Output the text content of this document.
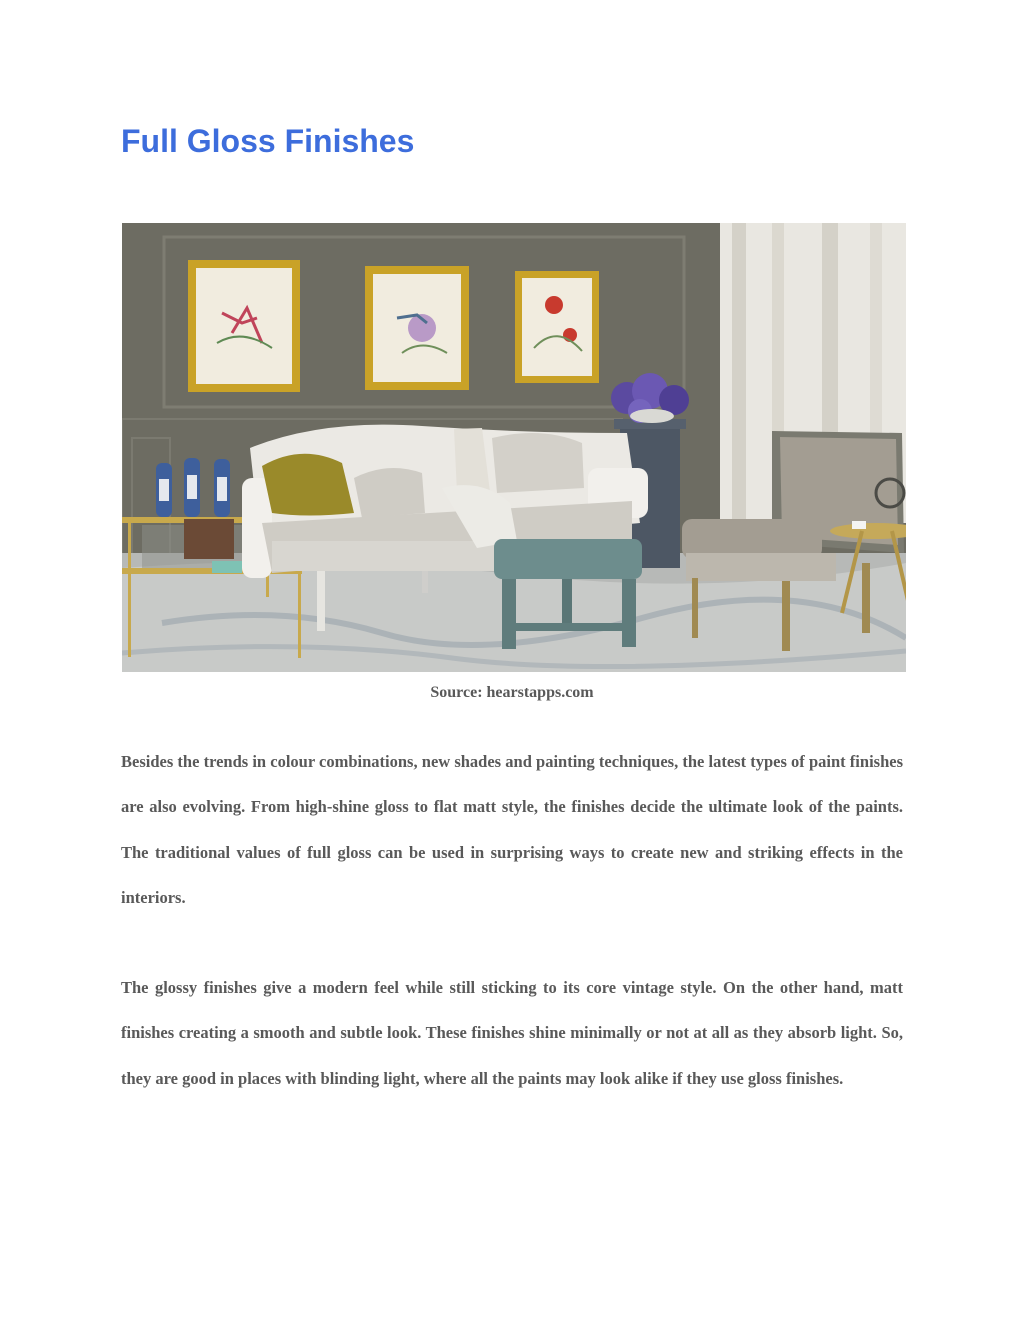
Full Gloss Finishes
Source: hearstapps.com

Besides the trends in colour combinations, new shades and painting techniques, the latest types of paint finishes are also evolving. From high-shine gloss to flat matt style, the finishes decide the ultimate look of the paints. The traditional values of full gloss can be used in surprising ways to create new and striking effects in the interiors.

The glossy finishes give a modern feel while still sticking to its core vintage style. On the other hand, matt finishes creating a smooth and subtle look. These finishes shine minimally or not at all as they absorb light. So, they are good in places with blinding light, where all the paints may look alike if they use gloss finishes.
